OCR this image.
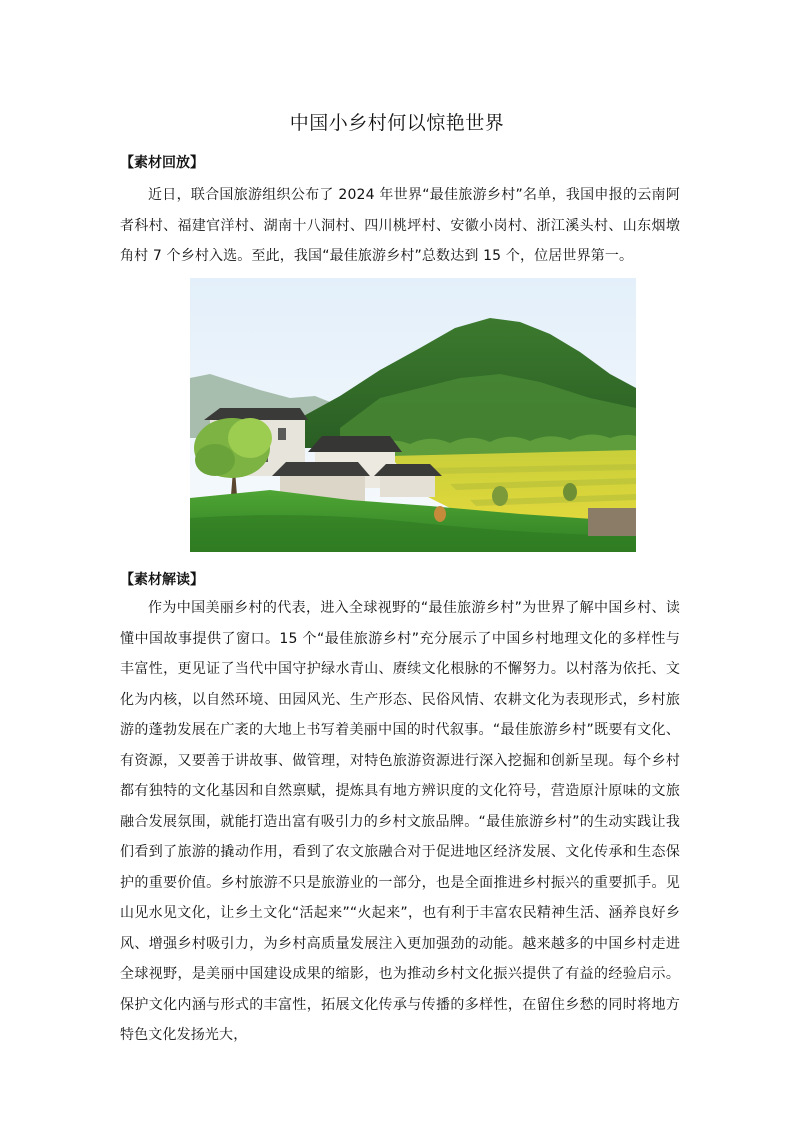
中国小乡村何以惊艳世界
【素材回放】

近日，联合国旅游组织公布了 2024 年世界“最佳旅游乡村”名单，我国申报的云南阿者科村、福建官洋村、湖南十八洞村、四川桃坪村、安徽小岗村、浙江溪头村、山东烟墩角村 7 个乡村入选。至此，我国“最佳旅游乡村”总数达到 15 个，位居世界第一。

【素材解读】

作为中国美丽乡村的代表，进入全球视野的“最佳旅游乡村”为世界了解中国乡村、读懂中国故事提供了窗口。15 个“最佳旅游乡村”充分展示了中国乡村地理文化的多样性与丰富性，更见证了当代中国守护绿水青山、赓续文化根脉的不懈努力。以村落为依托、文化为内核，以自然环境、田园风光、生产形态、民俗风情、农耕文化为表现形式，乡村旅游的蓬勃发展在广袤的大地上书写着美丽中国的时代叙事。“最佳旅游乡村”既要有文化、有资源，又要善于讲故事、做管理，对特色旅游资源进行深入挖掘和创新呈现。每个乡村都有独特的文化基因和自然禀赋，提炼具有地方辨识度的文化符号，营造原汁原味的文旅融合发展氛围，就能打造出富有吸引力的乡村文旅品牌。“最佳旅游乡村”的生动实践让我们看到了旅游的撬动作用，看到了农文旅融合对于促进地区经济发展、文化传承和生态保护的重要价值。乡村旅游不只是旅游业的一部分，也是全面推进乡村振兴的重要抓手。见山见水见文化，让乡土文化“活起来”“火起来”，也有利于丰富农民精神生活、涵养良好乡风、增强乡村吸引力，为乡村高质量发展注入更加强劲的动能。越来越多的中国乡村走进全球视野，是美丽中国建设成果的缩影，也为推动乡村文化振兴提供了有益的经验启示。保护文化内涵与形式的丰富性，拓展文化传承与传播的多样性，在留住乡愁的同时将地方特色文化发扬光大，
